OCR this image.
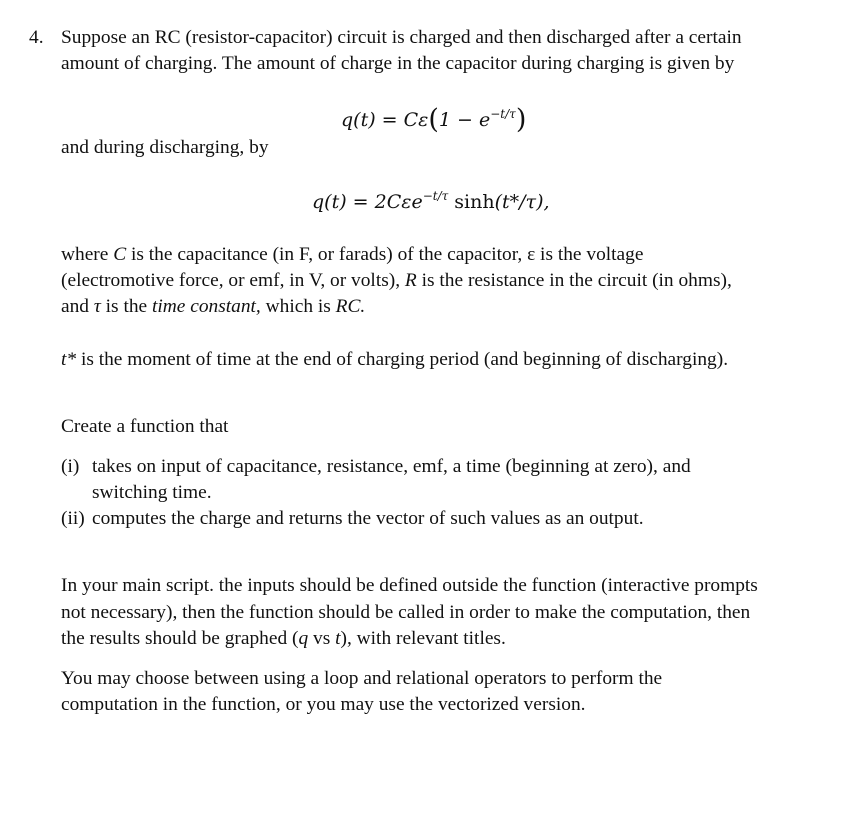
4. Suppose an RC (resistor-capacitor) circuit is charged and then discharged after a certain
amount of charging. The amount of charge in the capacitor during charging is given by
$q(t) = C\varepsilon(1 - e^{-t/\tau})$
and during discharging, by
q(t) = 2Cεe$^{-t/\tau}$ sinh(t*/τ),
where C is the capacitance (in F, or farads) of the capacitor, ε is the voltage
(electromotive force, or emf, in V, or volts), R is the resistance in the circuit (in ohms),
and τ is the time constant, which is RC.
t* is the moment of time at the end of charging period (and beginning of discharging).
Create a function that
(i) takes on input of capacitance, resistance, emf, a time (beginning at zero), and
switching time.
(ii) computes the charge and returns the vector of such values as an output.
In your main script. the inputs should be defined outside the function (interactive prompts
not necessary), then the function should be called in order to make the computation, then
the results should be graphed (q vs t), with relevant titles.
You may choose between using a loop and relational operators to perform the
computation in the function, or you may use the vectorized version.
